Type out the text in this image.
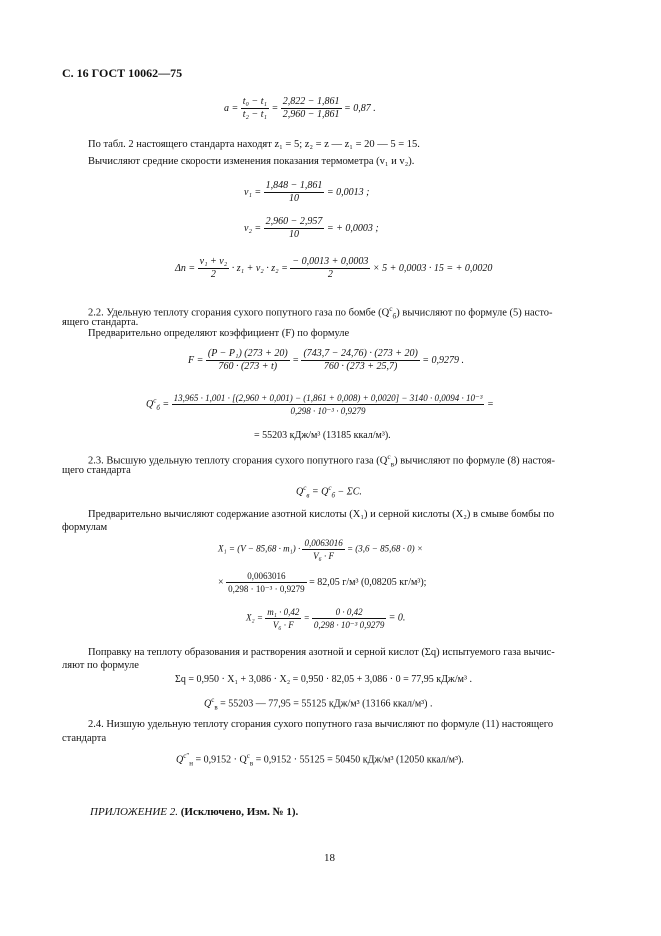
С. 16 ГОСТ 10062—75
$a = \frac{\text{t₀ − t₁}}{\text{t₂ − t₁}} = \frac{2,822 - 1,861}{2,960 - 1,861} = 0,87$ .
По табл. 2 настоящего стандарта находят z₁ = 5; z₂ = z — z₁ = 20 — 5 = 15.
Вычисляют средние скорости изменения показания термометра (v₁ и v₂).
$v_1 = \frac{1,848 - 1,861}{10} = 0,0013$ ;
$v_2 = \frac{2,960 - 2,957}{10}$ = + 0,0003 ;
$\Delta n = \frac{\text{v₁ + v₂}}{2} \cdot z_1 + v_2 \cdot z_2 = \frac{- 0,0013 + 0,0003}{2} \times 5 + 0,0003 \cdot 15$ = + 0,0020
2.2. Удельную теплоту сгорания сухого попутного газа по бомбе $(Q^с_б)$ вычисляют по формуле (5) насто-
ящего стандарта.
Предварительно определяют коэффициент (F) по формуле
$F = \frac{\text{(P − P₁) (273 + 20)}}{760 \cdot (273 + t)} = \frac{(743,7 - 24,76) \cdot (273 + 20)}{760 \cdot (273 + 25,7)} = 0,9279$ .
$Q^с_б$ =
13,965 · 1,001 · [(2,960 + 0,001) − (1,861 + 0,008) + 0,0020] − 3140 · 0,0094 · 10⁻³
0,298 · 10⁻³ · 0,9279
=
= 55203 кДж/м³ (13185 ккал/м³).
2.3. Высшую удельную теплоту сгорания сухого попутного газа $(Q^с_в)$ вычисляют по формуле (8) настоя-
щего стандарта
$Q^с_в = Q^с_б - \Sigma C$.
Предварительно вычисляют содержание азотной кислоты (X₁) и серной кислоты (X₂) в смыве бомбы по
формулам
$X_1 = (V - 85,68 \cdot m_1) \cdot \frac{0,0063016}{\text{V₆ · F}} = (3,6 - 85,68 \cdot 0)$ ×
× $\frac{0,0063016}{\text{0,298 · 10⁻³ · 0,9279}} = 82,05$ г/м³ (0,08205 кг/м³);
$X_2 = \frac{\text{m₁ · 0,42}}{\text{V₆ · F}} = \frac{0 \cdot 0,42}{\text{0,298 · 10⁻³ 0,9279}} = 0$.
Поправку на теплоту образования и растворения азотной и серной кислот (Σq) испытуемого газа вычис-
ляют по формуле
Σq = 0,950 · X₁ + 3,086 · X₂ = 0,950 · 82,05 + 3,086 · 0 = 77,95 кДж/м³ .
$Q^с_в = 55203$ — 77,95 = 55125 кДж/м³ (13166 ккал/м³) .
2.4. Низшую удельную теплоту сгорания сухого попутного газа вычисляют по формуле (11) настоящего
стандарта
$Q^{с''}_н = 0,9152 \cdot Q^с_в = 0,9152 \cdot 55125 = 50450$ кДж/м³ (12050 ккал/м³).
ПРИЛОЖЕНИЕ 2. (Исключено, Изм. № 1).
18
